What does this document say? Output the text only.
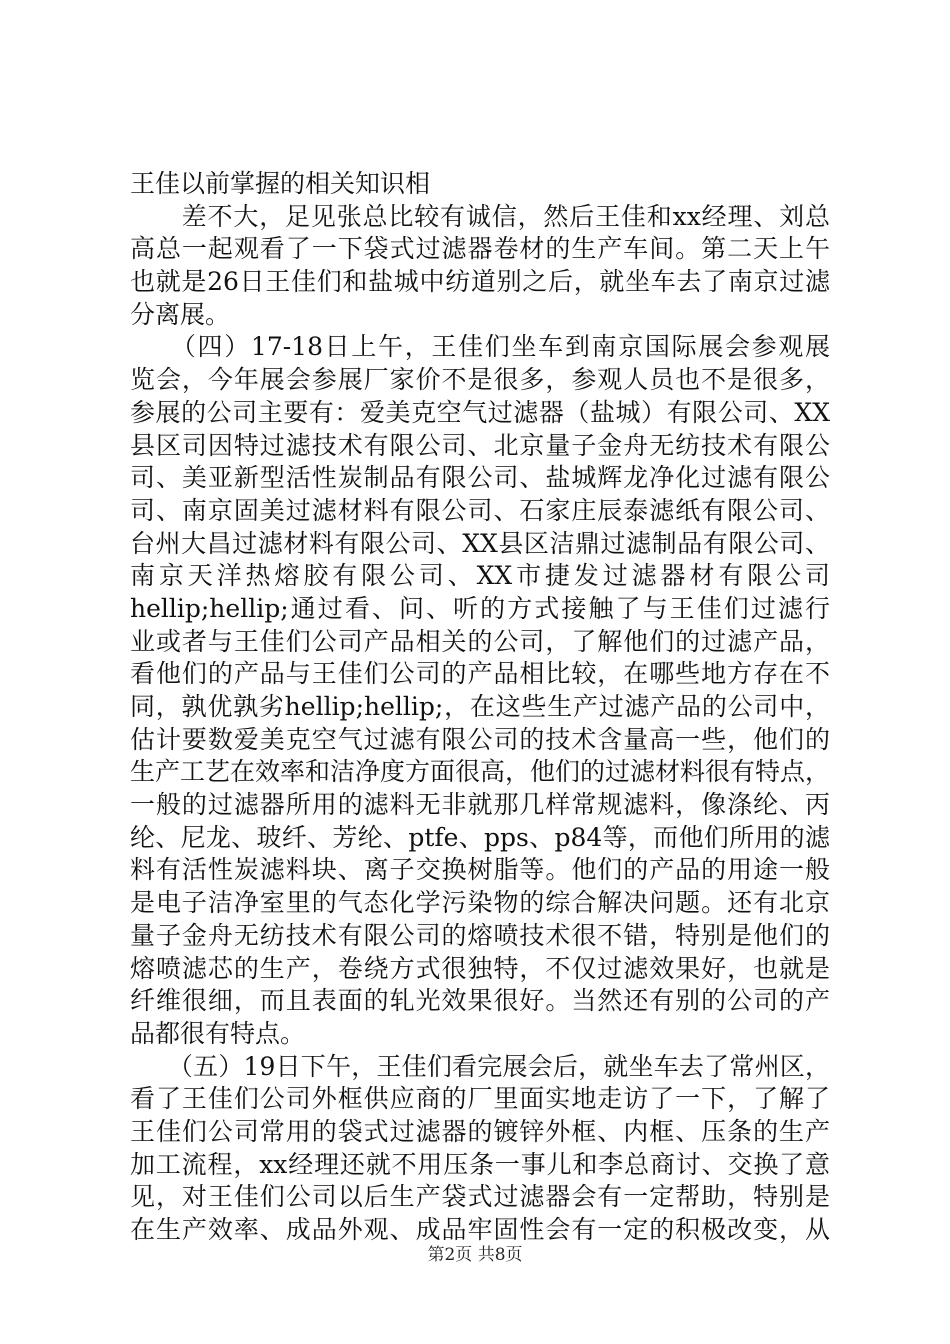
王佳以前掌握的相关知识相
　　差不大，足见张总比较有诚信，然后王佳和xx经理、刘总
高总一起观看了一下袋式过滤器卷材的生产车间。第二天上午
也就是26日王佳们和盐城中纺道别之后，就坐车去了南京过滤
分离展。
　　（四）17-18日上午，王佳们坐车到南京国际展会参观展
览会，今年展会参展厂家价不是很多，参观人员也不是很多，
参展的公司主要有：爱美克空气过滤器（盐城）有限公司、XX
县区司因特过滤技术有限公司、北京量子金舟无纺技术有限公
司、美亚新型活性炭制品有限公司、盐城辉龙净化过滤有限公
司、南京固美过滤材料有限公司、石家庄辰泰滤纸有限公司、
台州大昌过滤材料有限公司、XX县区洁鼎过滤制品有限公司、
南京天洋热熔胶有限公司、XX市捷发过滤器材有限公司
hellip;hellip;通过看、问、听的方式接触了与王佳们过滤行
业或者与王佳们公司产品相关的公司，了解他们的过滤产品，
看他们的产品与王佳们公司的产品相比较，在哪些地方存在不
同，孰优孰劣hellip;hellip;，在这些生产过滤产品的公司中，
估计要数爱美克空气过滤有限公司的技术含量高一些，他们的
生产工艺在效率和洁净度方面很高，他们的过滤材料很有特点，
一般的过滤器所用的滤料无非就那几样常规滤料，像涤纶、丙
纶、尼龙、玻纤、芳纶、ptfe、pps、p84等，而他们所用的滤
料有活性炭滤料块、离子交换树脂等。他们的产品的用途一般
是电子洁净室里的气态化学污染物的综合解决问题。还有北京
量子金舟无纺技术有限公司的熔喷技术很不错，特别是他们的
熔喷滤芯的生产，卷绕方式很独特，不仅过滤效果好，也就是
纤维很细，而且表面的轧光效果很好。当然还有别的公司的产
品都很有特点。
　　（五）19日下午，王佳们看完展会后，就坐车去了常州区，
看了王佳们公司外框供应商的厂里面实地走访了一下，了解了
王佳们公司常用的袋式过滤器的镀锌外框、内框、压条的生产
加工流程，xx经理还就不用压条一事儿和李总商讨、交换了意
见，对王佳们公司以后生产袋式过滤器会有一定帮助，特别是
在生产效率、成品外观、成品牢固性会有一定的积极改变，从
第2页 共8页
